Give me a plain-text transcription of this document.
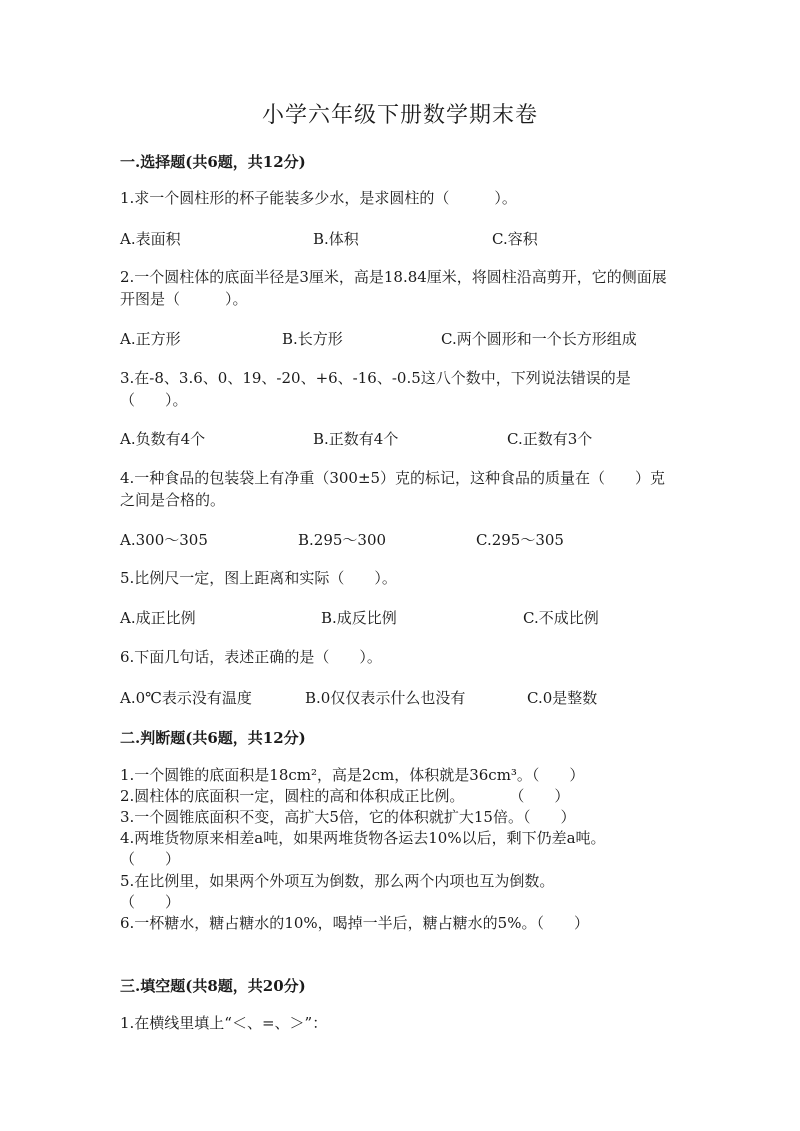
小学六年级下册数学期末卷
一.选择题(共6题，共12分)
1.求一个圆柱形的杯子能装多少水，是求圆柱的（　　　）。
A.表面积	B.体积	C.容积
2.一个圆柱体的底面半径是3厘米，高是18.84厘米，将圆柱沿高剪开，它的侧面展开图是（　　　）。
A.正方形	B.长方形	C.两个圆形和一个长方形组成
3.在-8、3.6、0、19、-20、+6、-16、-0.5这八个数中，下列说法错误的是（　　）。
A.负数有4个	B.正数有4个	C.正数有3个
4.一种食品的包装袋上有净重（300±5）克的标记，这种食品的质量在（　　）克之间是合格的。
A.300～305	B.295～300	C.295～305
5.比例尺一定，图上距离和实际（　　）。
A.成正比例	B.成反比例	C.不成比例
6.下面几句话，表述正确的是（　　）。
A.0℃表示没有温度	B.0仅仅表示什么也没有	C.0是整数
二.判断题(共6题，共12分)
1.一个圆锥的底面积是18cm²，高是2cm，体积就是36cm³。（　　）
2.圆柱体的底面积一定，圆柱的高和体积成正比例。　　　　（　　）
3.一个圆锥底面积不变，高扩大5倍，它的体积就扩大15倍。（　　）
4.两堆货物原来相差a吨，如果两堆货物各运去10%以后，剩下仍差a吨。
（　　）
5.在比例里，如果两个外项互为倒数，那么两个内项也互为倒数。
（　　）
6.一杯糖水，糖占糖水的10%，喝掉一半后，糖占糖水的5%。（　　）
三.填空题(共8题，共20分)
1.在横线里填上“＜、=、＞”：
